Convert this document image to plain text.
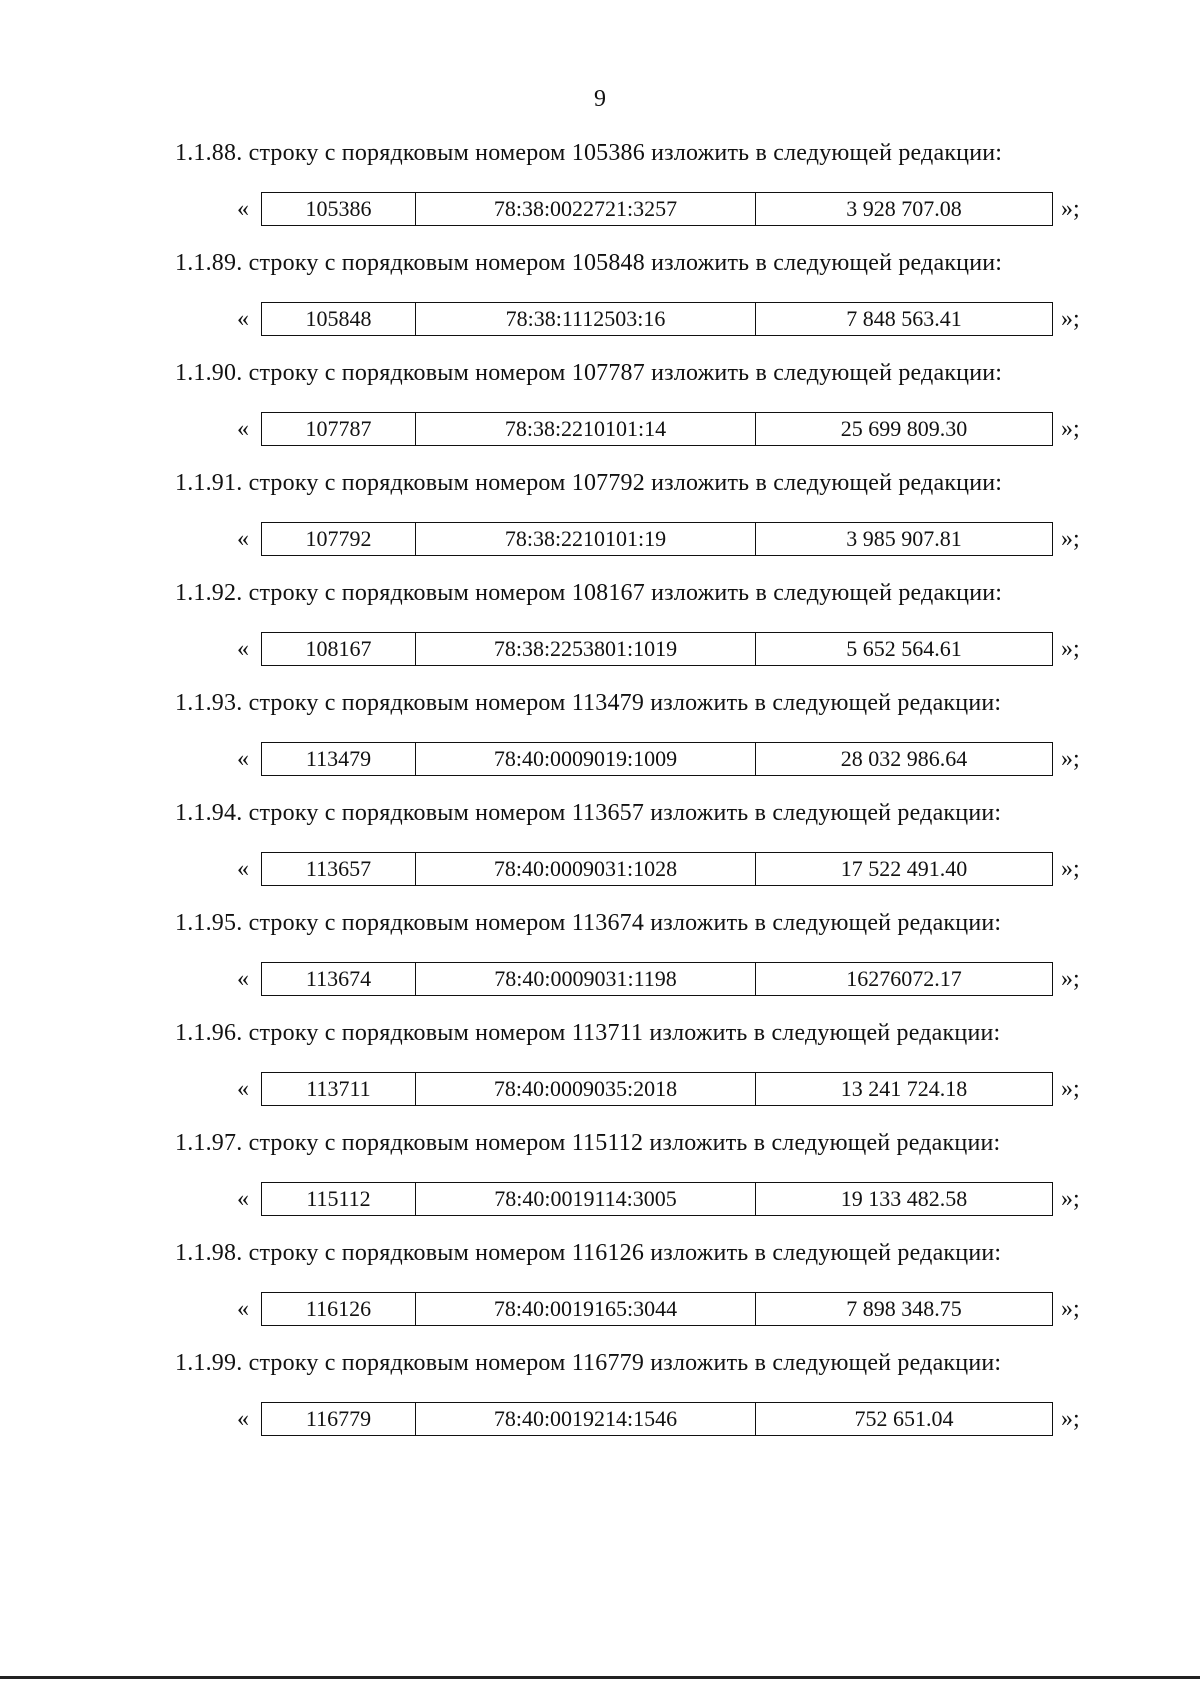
9
1.1.88. строку с порядковым номером 105386 изложить в следующей редакции:
«	105386	78:38:0022721:3257	3 928 707.08	»;
1.1.89. строку с порядковым номером 105848 изложить в следующей редакции:
«	105848	78:38:1112503:16	7 848 563.41	»;
1.1.90. строку с порядковым номером 107787 изложить в следующей редакции:
«	107787	78:38:2210101:14	25 699 809.30	»;
1.1.91. строку с порядковым номером 107792 изложить в следующей редакции:
«	107792	78:38:2210101:19	3 985 907.81	»;
1.1.92. строку с порядковым номером 108167 изложить в следующей редакции:
«	108167	78:38:2253801:1019	5 652 564.61	»;
1.1.93. строку с порядковым номером 113479 изложить в следующей редакции:
«	113479	78:40:0009019:1009	28 032 986.64	»;
1.1.94. строку с порядковым номером 113657 изложить в следующей редакции:
«	113657	78:40:0009031:1028	17 522 491.40	»;
1.1.95. строку с порядковым номером 113674 изложить в следующей редакции:
«	113674	78:40:0009031:1198	16276072.17	»;
1.1.96. строку с порядковым номером 113711 изложить в следующей редакции:
«	113711	78:40:0009035:2018	13 241 724.18	»;
1.1.97. строку с порядковым номером 115112 изложить в следующей редакции:
«	115112	78:40:0019114:3005	19 133 482.58	»;
1.1.98. строку с порядковым номером 116126 изложить в следующей редакции:
«	116126	78:40:0019165:3044	7 898 348.75	»;
1.1.99. строку с порядковым номером 116779 изложить в следующей редакции:
«	116779	78:40:0019214:1546	752 651.04	»;
